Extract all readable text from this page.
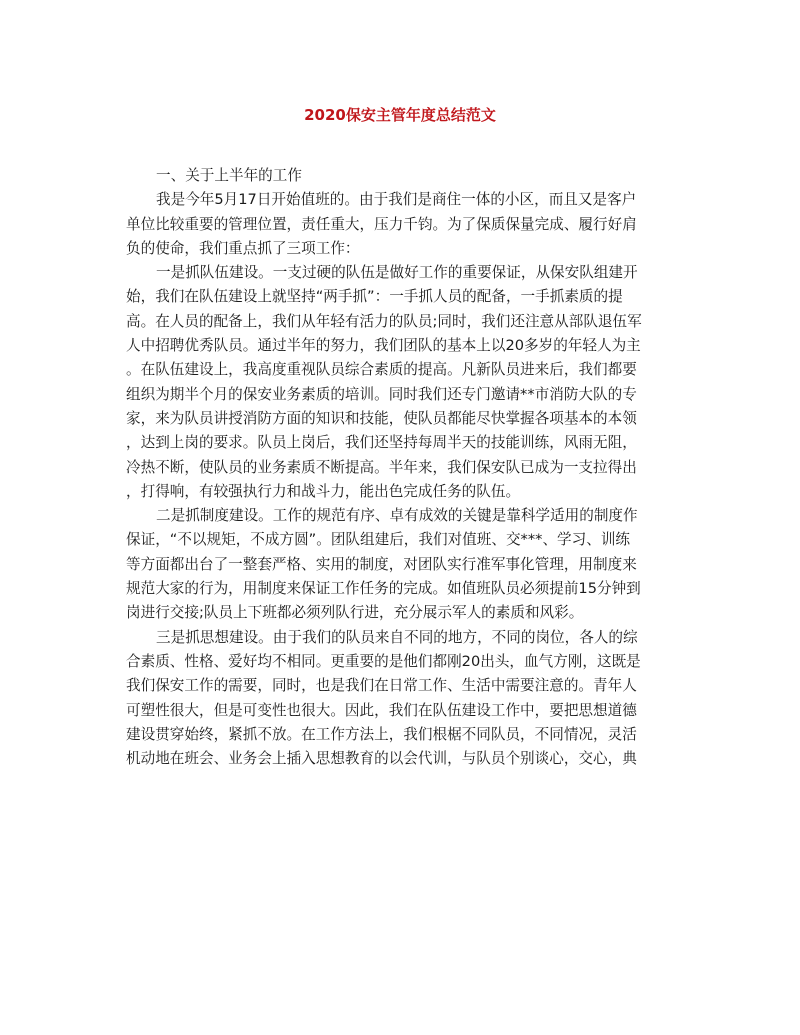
2020保安主管年度总结范文
一、关于上半年的工作
我是今年5月17日开始值班的。由于我们是商住一体的小区，而且又是客户
单位比较重要的管理位置，责任重大，压力千钧。为了保质保量完成、履行好肩
负的使命，我们重点抓了三项工作：
一是抓队伍建设。一支过硬的队伍是做好工作的重要保证，从保安队组建开
始，我们在队伍建设上就坚持“两手抓”：一手抓人员的配备，一手抓素质的提
高。在人员的配备上，我们从年轻有活力的队员;同时，我们还注意从部队退伍军
人中招聘优秀队员。通过半年的努力，我们团队的基本上以20多岁的年轻人为主
。在队伍建设上，我高度重视队员综合素质的提高。凡新队员进来后，我们都要
组织为期半个月的保安业务素质的培训。同时我们还专门邀请**市消防大队的专
家，来为队员讲授消防方面的知识和技能，使队员都能尽快掌握各项基本的本领
，达到上岗的要求。队员上岗后，我们还坚持每周半天的技能训练，风雨无阻，
冷热不断，使队员的业务素质不断提高。半年来，我们保安队已成为一支拉得出
，打得响，有较强执行力和战斗力，能出色完成任务的队伍。
二是抓制度建设。工作的规范有序、卓有成效的关键是靠科学适用的制度作
保证，“不以规矩，不成方圆”。团队组建后，我们对值班、交***、学习、训练
等方面都出台了一整套严格、实用的制度，对团队实行准军事化管理，用制度来
规范大家的行为，用制度来保证工作任务的完成。如值班队员必须提前15分钟到
岗进行交接;队员上下班都必须列队行进，充分展示军人的素质和风彩。
三是抓思想建设。由于我们的队员来自不同的地方，不同的岗位，各人的综
合素质、性格、爱好均不相同。更重要的是他们都刚20出头，血气方刚，这既是
我们保安工作的需要，同时，也是我们在日常工作、生活中需要注意的。青年人
可塑性很大，但是可变性也很大。因此，我们在队伍建设工作中，要把思想道德
建设贯穿始终，紧抓不放。在工作方法上，我们根椐不同队员，不同情况，灵活
机动地在班会、业务会上插入思想教育的以会代训，与队员个别谈心，交心，典
